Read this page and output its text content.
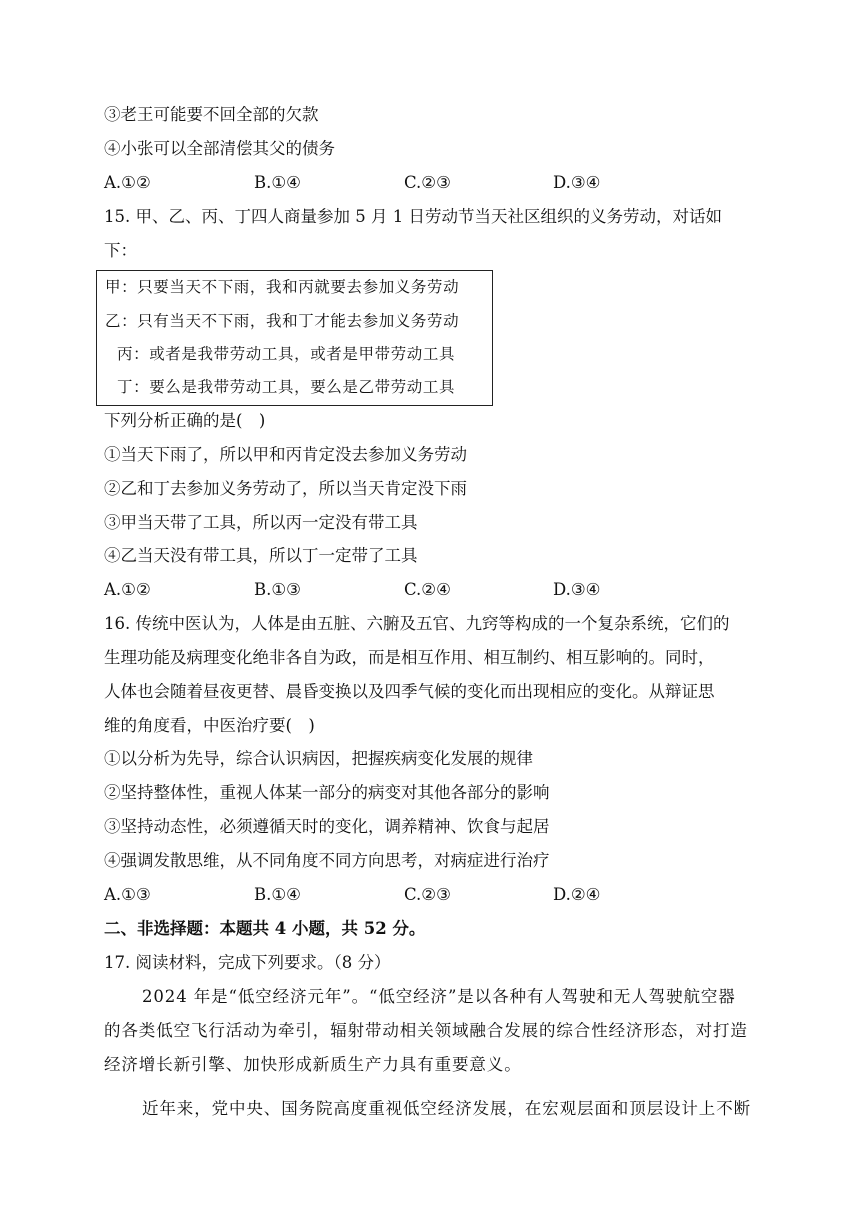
③老王可能要不回全部的欠款
④小张可以全部清偿其父的债务
A.①②	B.①④	C.②③	D.③④
15. 甲、乙、丙、丁四人商量参加 5 月 1 日劳动节当天社区组织的义务劳动，对话如
下：
甲：只要当天不下雨，我和丙就要去参加义务劳动
乙：只有当天不下雨，我和丁才能去参加义务劳动
丙：或者是我带劳动工具，或者是甲带劳动工具
丁：要么是我带劳动工具，要么是乙带劳动工具
下列分析正确的是(　)
①当天下雨了，所以甲和丙肯定没去参加义务劳动
②乙和丁去参加义务劳动了，所以当天肯定没下雨
③甲当天带了工具，所以丙一定没有带工具
④乙当天没有带工具，所以丁一定带了工具
A.①②	B.①③	C.②④	D.③④
16. 传统中医认为，人体是由五脏、六腑及五官、九窍等构成的一个复杂系统，它们的
生理功能及病理变化绝非各自为政，而是相互作用、相互制约、相互影响的。同时，
人体也会随着昼夜更替、晨昏变换以及四季气候的变化而出现相应的变化。从辩证思
维的角度看，中医治疗要(　)
①以分析为先导，综合认识病因，把握疾病变化发展的规律
②坚持整体性，重视人体某一部分的病变对其他各部分的影响
③坚持动态性，必须遵循天时的变化，调养精神、饮食与起居
④强调发散思维，从不同角度不同方向思考，对病症进行治疗
A.①③	B.①④	C.②③	D.②④
二、非选择题：本题共 4 小题，共 52 分。
17. 阅读材料，完成下列要求。（8 分）
2024 年是“低空经济元年”。“低空经济”是以各种有人驾驶和无人驾驶航空器
的各类低空飞行活动为牵引，辐射带动相关领域融合发展的综合性经济形态，对打造
经济增长新引擎、加快形成新质生产力具有重要意义。
近年来，党中央、国务院高度重视低空经济发展，在宏观层面和顶层设计上不断
